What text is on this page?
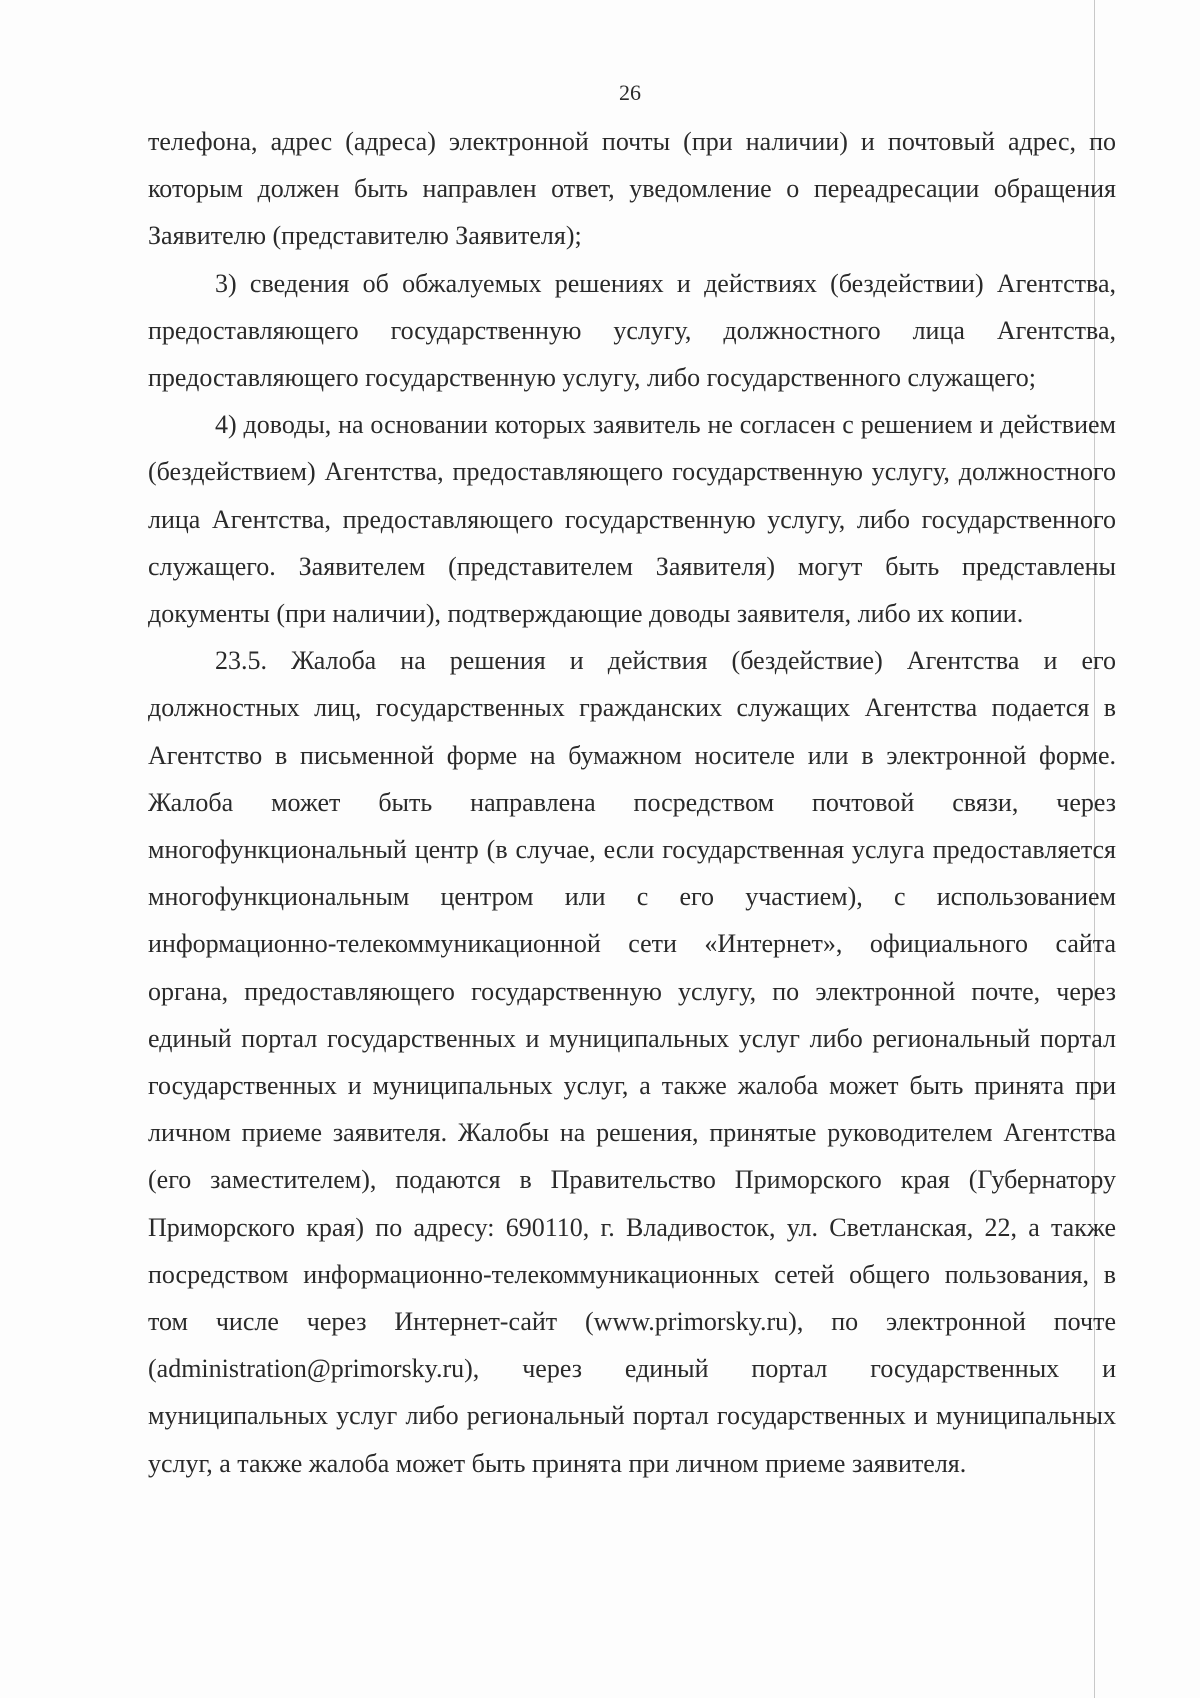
26

телефона, адрес (адреса) электронной почты (при наличии) и почтовый адрес, по которым должен быть направлен ответ, уведомление о переадресации обращения Заявителю (представителю Заявителя);

3) сведения об обжалуемых решениях и действиях (бездействии) Агентства, предоставляющего государственную услугу, должностного лица Агентства, предоставляющего государственную услугу, либо государственного служащего;

4) доводы, на основании которых заявитель не согласен с решением и действием (бездействием) Агентства, предоставляющего государственную услугу, должностного лица Агентства, предоставляющего государственную услугу, либо государственного служащего. Заявителем (представителем Заявителя) могут быть представлены документы (при наличии), подтверждающие доводы заявителя, либо их копии.

23.5. Жалоба на решения и действия (бездействие) Агентства и его должностных лиц, государственных гражданских служащих Агентства подается в Агентство в письменной форме на бумажном носителе или в электронной форме. Жалоба может быть направлена посредством почтовой связи, через многофункциональный центр (в случае, если государственная услуга предоставляется многофункциональным центром или с его участием), с использованием информационно-телекоммуникационной сети «Интернет», официального сайта органа, предоставляющего государственную услугу, по электронной почте, через единый портал государственных и муниципальных услуг либо региональный портал государственных и муниципальных услуг, а также жалоба может быть принята при личном приеме заявителя. Жалобы на решения, принятые руководителем Агентства (его заместителем), подаются в Правительство Приморского края (Губернатору Приморского края) по адресу: 690110, г. Владивосток, ул. Светланская, 22, а также посредством информационно-телекоммуникационных сетей общего пользования, в том числе через Интернет-сайт (www.primorsky.ru), по электронной почте (administration@primorsky.ru), через единый портал государственных и муниципальных услуг либо региональный портал государственных и муниципальных услуг, а также жалоба может быть принята при личном приеме заявителя.
